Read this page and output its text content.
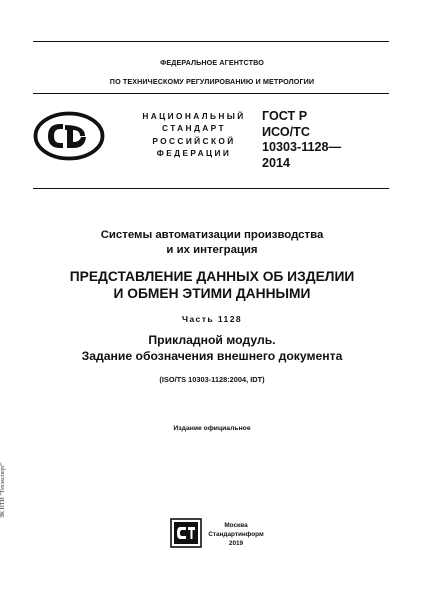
ФЕДЕРАЛЬНОЕ АГЕНТСТВО
ПО ТЕХНИЧЕСКОМУ РЕГУЛИРОВАНИЮ И МЕТРОЛОГИИ
НАЦИОНАЛЬНЫЙ
СТАНДАРТ
РОССИЙСКОЙ
ФЕДЕРАЦИИ
ГОСТ Р
ИСО/ТС
10303-1128—
2014
Системы автоматизации производства
и их интеграция
ПРЕДСТАВЛЕНИЕ ДАННЫХ ОБ ИЗДЕЛИИ
И ОБМЕН ЭТИМИ ДАННЫМИ
Часть 1128
Прикладной модуль.
Задание обозначения внешнего документа
(ISO/TS 10303-1128:2004, IDT)
Издание официальное
Москва
Стандартинформ
2019
ЗК НТИ "Техэксперт"
